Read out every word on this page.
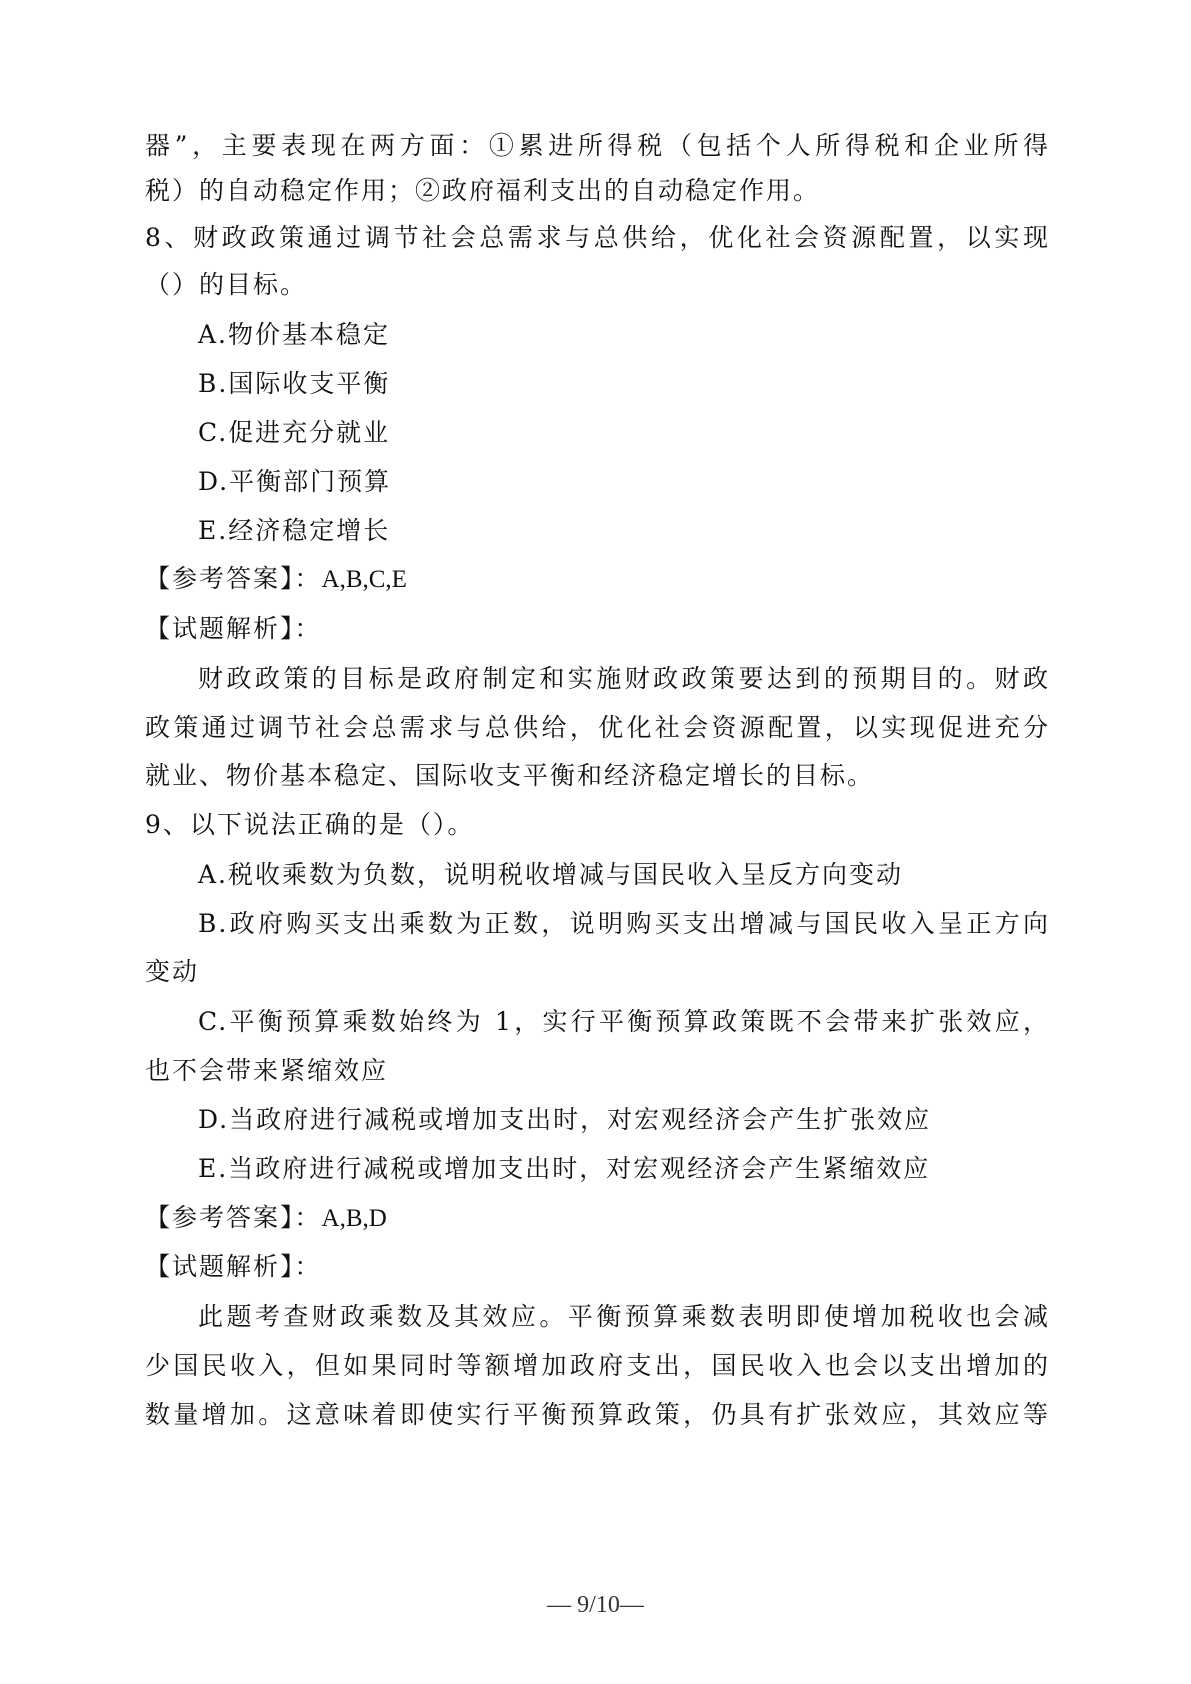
器”，主要表现在两方面：①累进所得税（包括个人所得税和企业所得
税）的自动稳定作用；②政府福利支出的自动稳定作用。
8、财政政策通过调节社会总需求与总供给，优化社会资源配置，以实现
（）的目标。
A.物价基本稳定
B.国际收支平衡
C.促进充分就业
D.平衡部门预算
E.经济稳定增长
【参考答案】：A,B,C,E
【试题解析】：
财政政策的目标是政府制定和实施财政政策要达到的预期目的。财政
政策通过调节社会总需求与总供给，优化社会资源配置，以实现促进充分
就业、物价基本稳定、国际收支平衡和经济稳定增长的目标。
9、以下说法正确的是（）。
A.税收乘数为负数，说明税收增减与国民收入呈反方向变动
B.政府购买支出乘数为正数，说明购买支出增减与国民收入呈正方向
变动
C.平衡预算乘数始终为 1，实行平衡预算政策既不会带来扩张效应，
也不会带来紧缩效应
D.当政府进行减税或增加支出时，对宏观经济会产生扩张效应
E.当政府进行减税或增加支出时，对宏观经济会产生紧缩效应
【参考答案】：A,B,D
【试题解析】：
此题考查财政乘数及其效应。平衡预算乘数表明即使增加税收也会减
少国民收入，但如果同时等额增加政府支出，国民收入也会以支出增加的
数量增加。这意味着即使实行平衡预算政策，仍具有扩张效应，其效应等
— 9/10—
